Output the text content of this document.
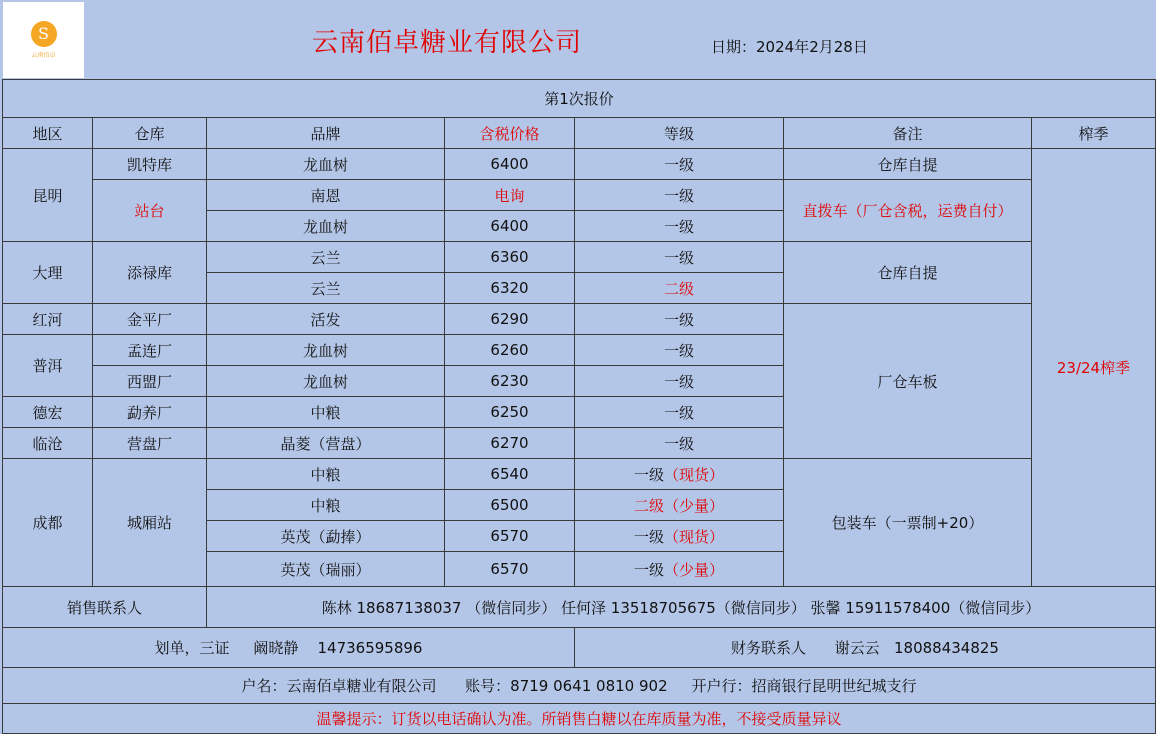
S
云南佰卓	云南佰卓糖业有限公司	日期：2024年2月28日
第1次报价						
地区	仓库	品牌	含税价格	等级	备注	榨季
昆明	凯特库	龙血树	6400	一级	仓库自提	23/24榨季
	站台	南恩	电询	一级	直拨车（厂仓含税，运费自付）	
		龙血树	6400	一级		
大理	添禄库	云兰	6360	一级	仓库自提	
		云兰	6320	二级		
红河	金平厂	活发	6290	一级	厂仓车板	
普洱	孟连厂	龙血树	6260	一级		
	西盟厂	龙血树	6230	一级		
德宏	勐养厂	中粮	6250	一级		
临沧	营盘厂	晶菱（营盘）	6270	一级		
成都	城厢站	中粮	6540	一级（现货）	包装车（一票制+20）	
		中粮	6500	二级（少量）		
		英茂（勐捧）	6570	一级（现货）		
		英茂（瑞丽）	6570	一级（少量）		
销售联系人		陈林 18687138037 （微信同步） 任何泽 13518705675（微信同步） 张馨 15911578400（微信同步）				
划单，三证 阚晓静 14736595896				财务联系人 谢云云 18088434825		
户名：云南佰卓糖业有限公司 账号：8719 0641 0810 902 开户行：招商银行昆明世纪城支行						
温馨提示：订货以电话确认为准。所销售白糖以在库质量为准，不接受质量异议						
